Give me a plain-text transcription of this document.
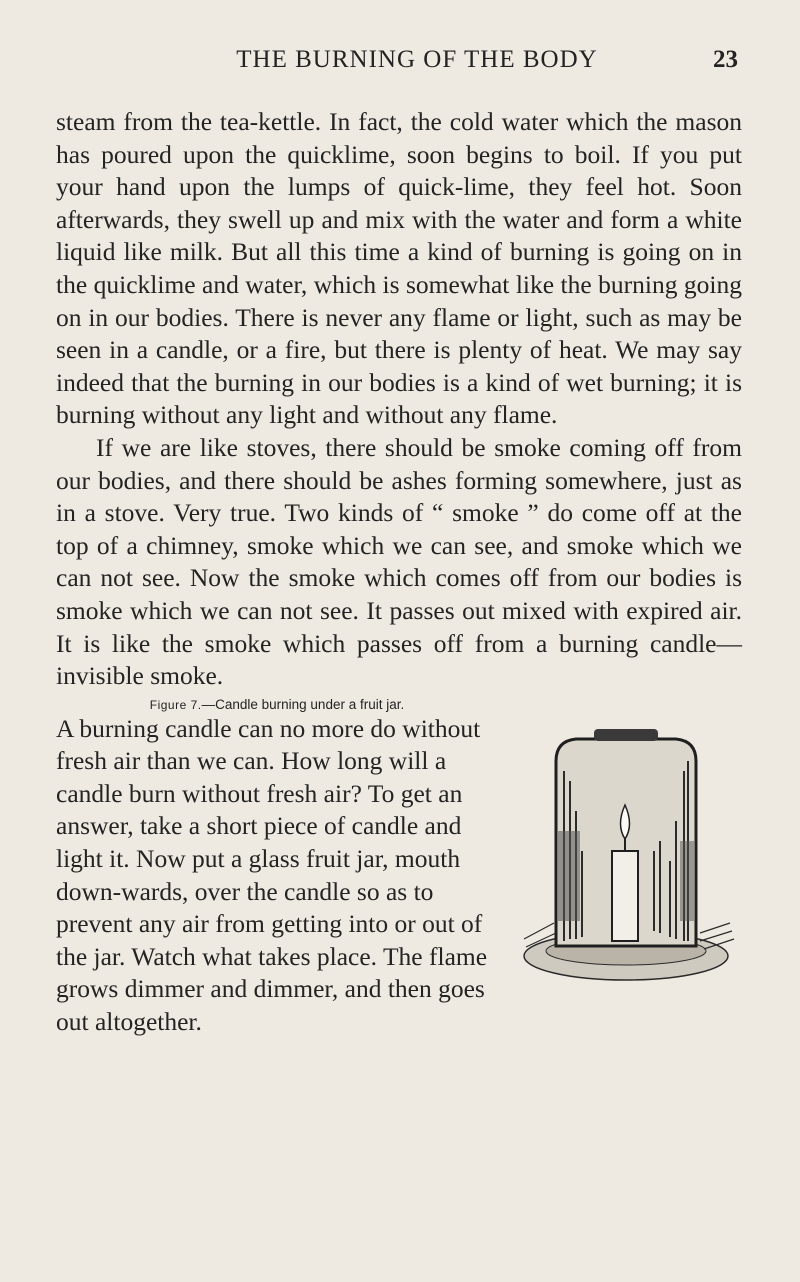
THE BURNING OF THE BODY	23

steam from the tea-kettle. In fact, the cold water which the mason has poured upon the quicklime, soon begins to boil. If you put your hand upon the lumps of quick-lime, they feel hot. Soon afterwards, they swell up and mix with the water and form a white liquid like milk. But all this time a kind of burning is going on in the quicklime and water, which is somewhat like the burning going on in our bodies. There is never any flame or light, such as may be seen in a candle, or a fire, but there is plenty of heat. We may say indeed that the burning in our bodies is a kind of wet burning; it is burning without any light and without any flame.

If we are like stoves, there should be smoke coming off from our bodies, and there should be ashes forming somewhere, just as in a stove. Very true. Two kinds of “ smoke ” do come off at the top of a chimney, smoke which we can see, and smoke which we can not see. Now the smoke which comes off from our bodies is smoke which we can not see. It passes out mixed with expired air. It is like the smoke which passes off from a burning candle—invisible smoke.

Figure 7.—Candle burning under a fruit jar.
A burning candle can no more do without fresh air than we can. How long will a candle burn without fresh air? To get an answer, take a short piece of candle and light it. Now put a glass fruit jar, mouth down-wards, over the candle so as to prevent any air from getting into or out of the jar. Watch what takes place. The flame grows dimmer and dimmer, and then goes out altogether.
